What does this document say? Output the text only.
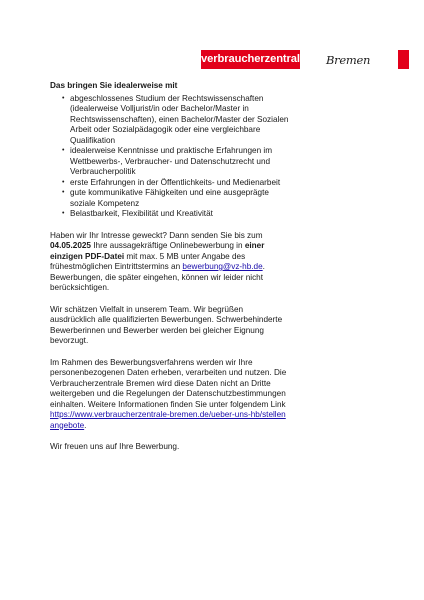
verbraucherzentrale Bremen

Das bringen Sie idealerweise mit

• abgeschlossenes Studium der Rechtswissenschaften (idealerweise Volljurist/in oder Bachelor/Master in Rechtswissenschaften), einen Bachelor/Master der Sozialen Arbeit oder Sozialpädagogik oder eine vergleichbare Qualifikation
• idealerweise Kenntnisse und praktische Erfahrungen im Wettbewerbs-, Verbraucher- und Datenschutzrecht und Verbraucherpolitik
• erste Erfahrungen in der Öffentlichkeits- und Medienarbeit
• gute kommunikative Fähigkeiten und eine ausgeprägte soziale Kompetenz
• Belastbarkeit, Flexibilität und Kreativität

Haben wir Ihr Intresse geweckt? Dann senden Sie bis zum 04.05.2025 Ihre aussagekräftige Onlinebewerbung in einer einzigen PDF-Datei mit max. 5 MB unter Angabe des frühestmöglichen Eintrittstermins an bewerbung@vz-hb.de. Bewerbungen, die später eingehen, können wir leider nicht berücksichtigen.

Wir schätzen Vielfalt in unserem Team. Wir begrüßen ausdrücklich alle qualifizierten Bewerbungen. Schwerbehinderte Bewerberinnen und Bewerber werden bei gleicher Eignung bevorzugt.

Im Rahmen des Bewerbungsverfahrens werden wir Ihre personenbezogenen Daten erheben, verarbeiten und nutzen. Die Verbraucherzentrale Bremen wird diese Daten nicht an Dritte weitergeben und die Regelungen der Datenschutzbestimmungen einhalten. Weitere Informationen finden Sie unter folgendem Link https://www.verbraucherzentrale-bremen.de/ueber-uns-hb/stellenangebote.

Wir freuen uns auf Ihre Bewerbung.
